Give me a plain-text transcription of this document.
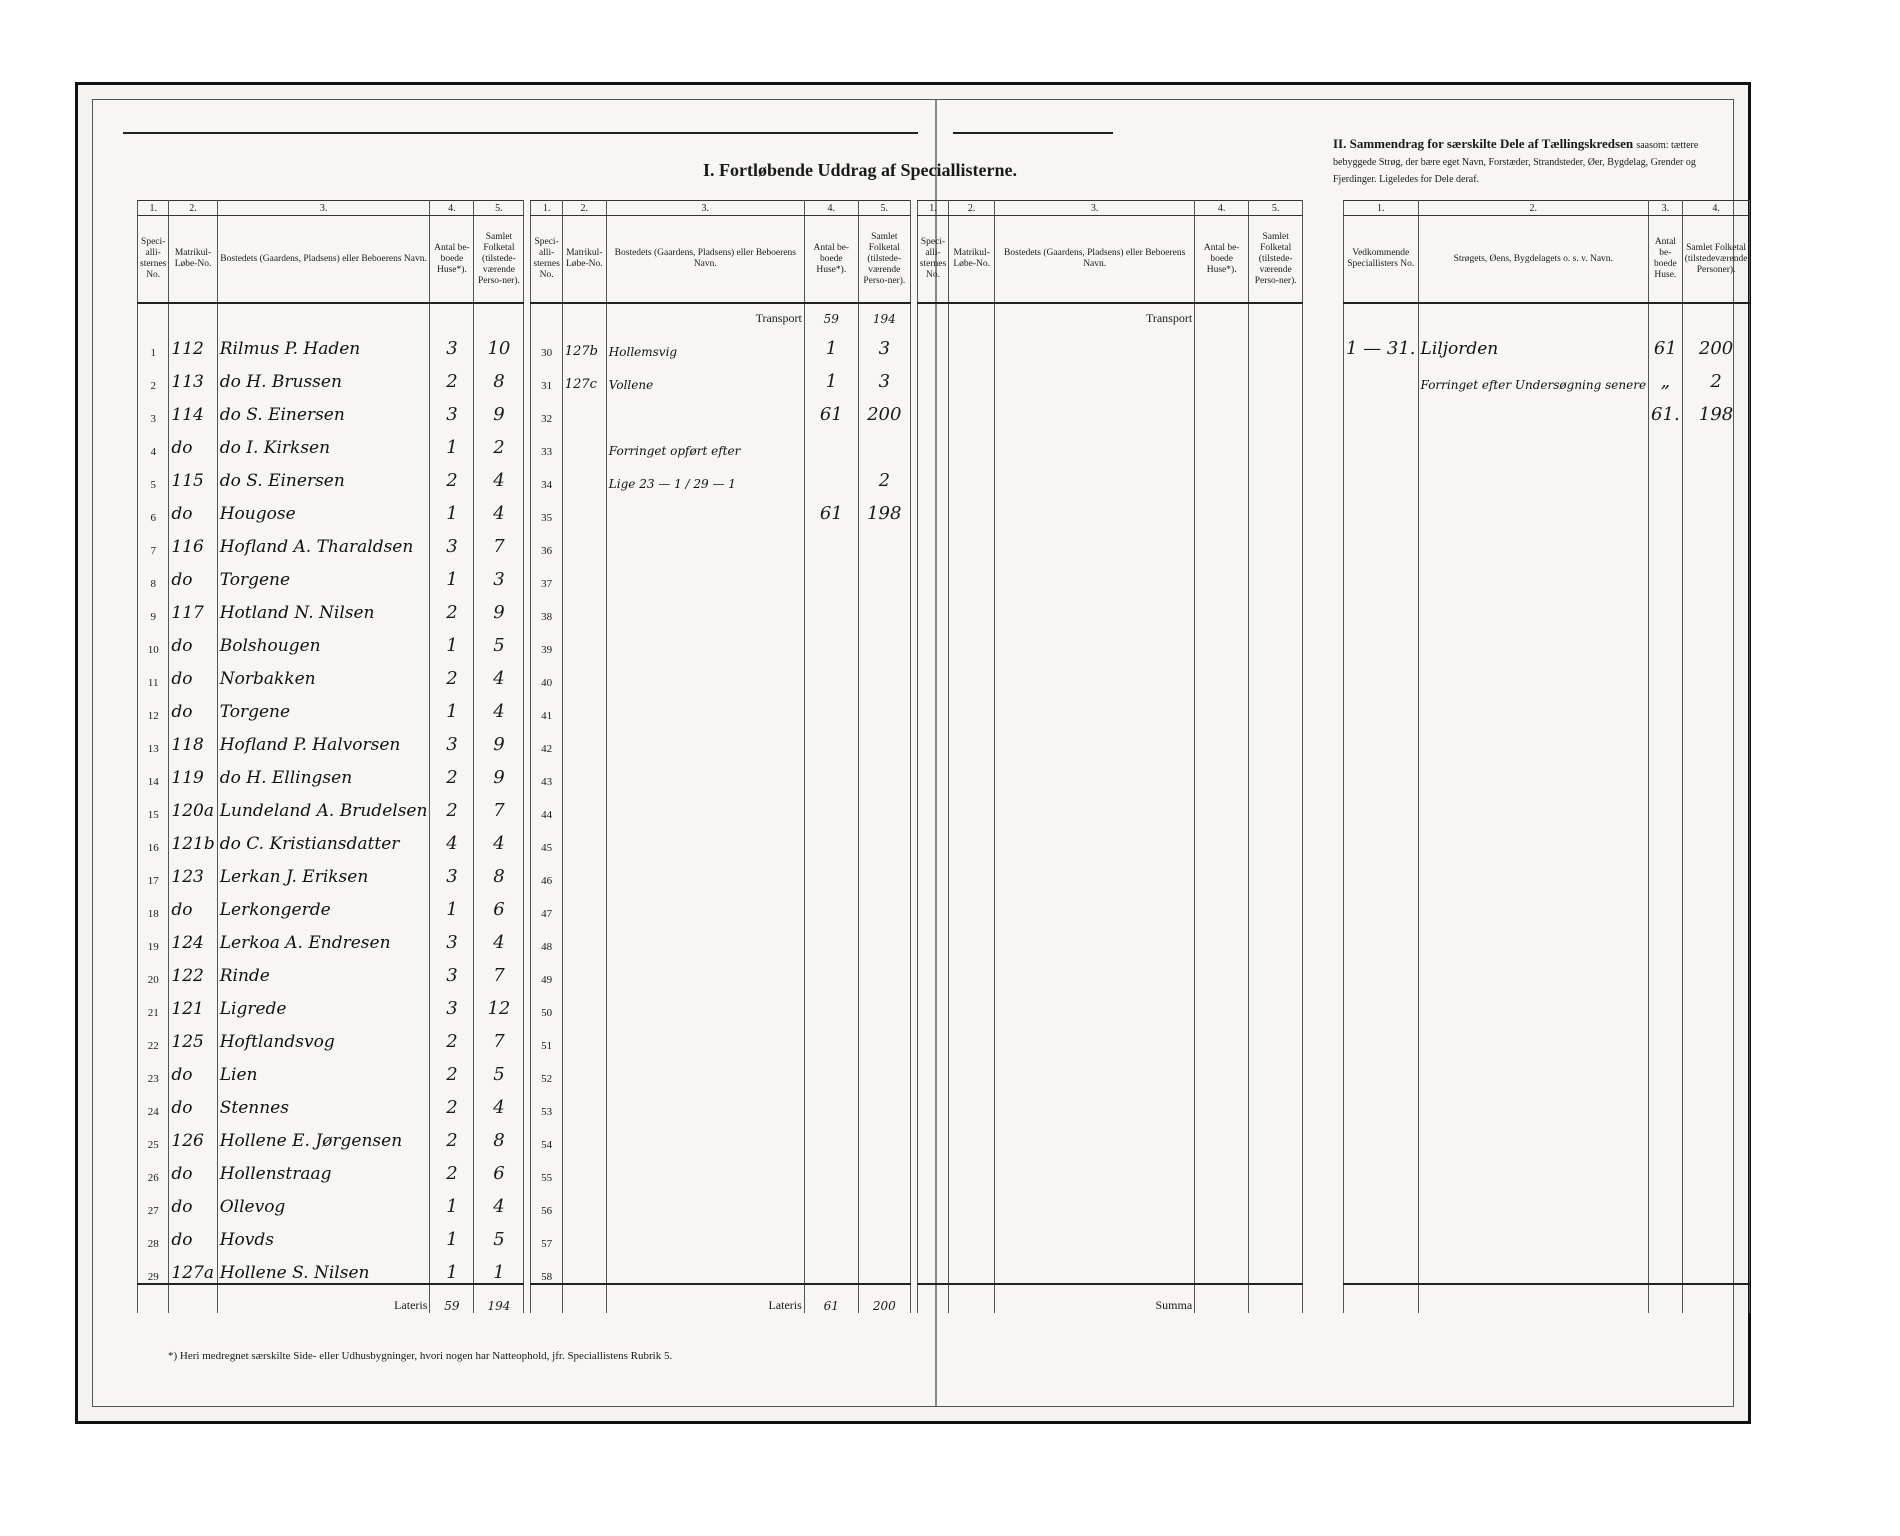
I. Fortløbende Uddrag af Speciallisterne.
II. Sammendrag for særskilte Dele af Tællingskredsen saasom: tættere bebyggede Strøg, der bære eget Navn, Forstæder, Strandsteder, Øer, Bygdelag, Grender og Fjerdinger. Ligeledes for Dele deraf.
1.	2.	3.	4.	5.		1.	2.	3.	4.	5.		1.	2.	3.	4.	5.
Speci-alli-sternes No.	Matrikul-Løbe-No.	Bostedets (Gaardens, Pladsens) eller Beboerens Navn.	Antal be-boede Huse*).	Samlet Folketal (tilstede-værende Perso-ner).		Speci-alli-sternes No.	Matrikul-Løbe-No.	Bostedets (Gaardens, Pladsens) eller Beboerens Navn.	Antal be-boede Huse*).	Samlet Folketal (tilstede-værende Perso-ner).		Speci-alli-sternes No.	Matrikul-Løbe-No.	Bostedets (Gaardens, Pladsens) eller Beboerens Navn.	Antal be-boede Huse*).	Samlet Folketal (tilstede-værende Perso-ner).
								Transport	59	194				Transport		
1	112	Rilmus P. Haden	3	10		30	127b	Hollemsvig	1	3						
2	113	do H. Brussen	2	8		31	127c	Vollene	1	3						
3	114	do S. Einersen	3	9		32			61	200						
4	do	do I. Kirksen	1	2		33		Forringet opført efter								
5	115	do S. Einersen	2	4		34		Lige 23 — 1 / 29 — 1		2						
6	do	Hougose	1	4		35			61	198						
7	116	Hofland A. Tharaldsen	3	7		36										
8	do	Torgene	1	3		37										
9	117	Hotland N. Nilsen	2	9		38										
10	do	Bolshougen	1	5		39										
11	do	Norbakken	2	4		40										
12	do	Torgene	1	4		41										
13	118	Hofland P. Halvorsen	3	9		42										
14	119	do H. Ellingsen	2	9		43										
15	120a	Lundeland A. Brudelsen	2	7		44										
16	121b	do C. Kristiansdatter	4	4		45										
17	123	Lerkan J. Eriksen	3	8		46										
18	do	Lerkongerde	1	6		47										
19	124	Lerkoa A. Endresen	3	4		48										
20	122	Rinde	3	7		49										
21	121	Ligrede	3	12		50										
22	125	Hoftlandsvog	2	7		51										
23	do	Lien	2	5		52										
24	do	Stennes	2	4		53										
25	126	Hollene E. Jørgensen	2	8		54										
26	do	Hollenstraag	2	6		55										
27	do	Ollevog	1	4		56										
28	do	Hovds	1	5		57										
29	127a	Hollene S. Nilsen	1	1		58										
		Lateris	59	194				Lateris	61	200				Summa		
1.	2.	3.	4.
Vedkommende Speciallisters No.	Strøgets, Øens, Bygdelagets o. s. v. Navn.	Antal be-boede Huse.	Samlet Folketal (tilstedeværende Personer).

1 — 31.	Liljorden	61	200
	Forringet efter Undersøgning senere	„	2
		61.	198

*) Heri medregnet særskilte Side- eller Udhusbygninger, hvori nogen har Natteophold, jfr. Speciallistens Rubrik 5.
